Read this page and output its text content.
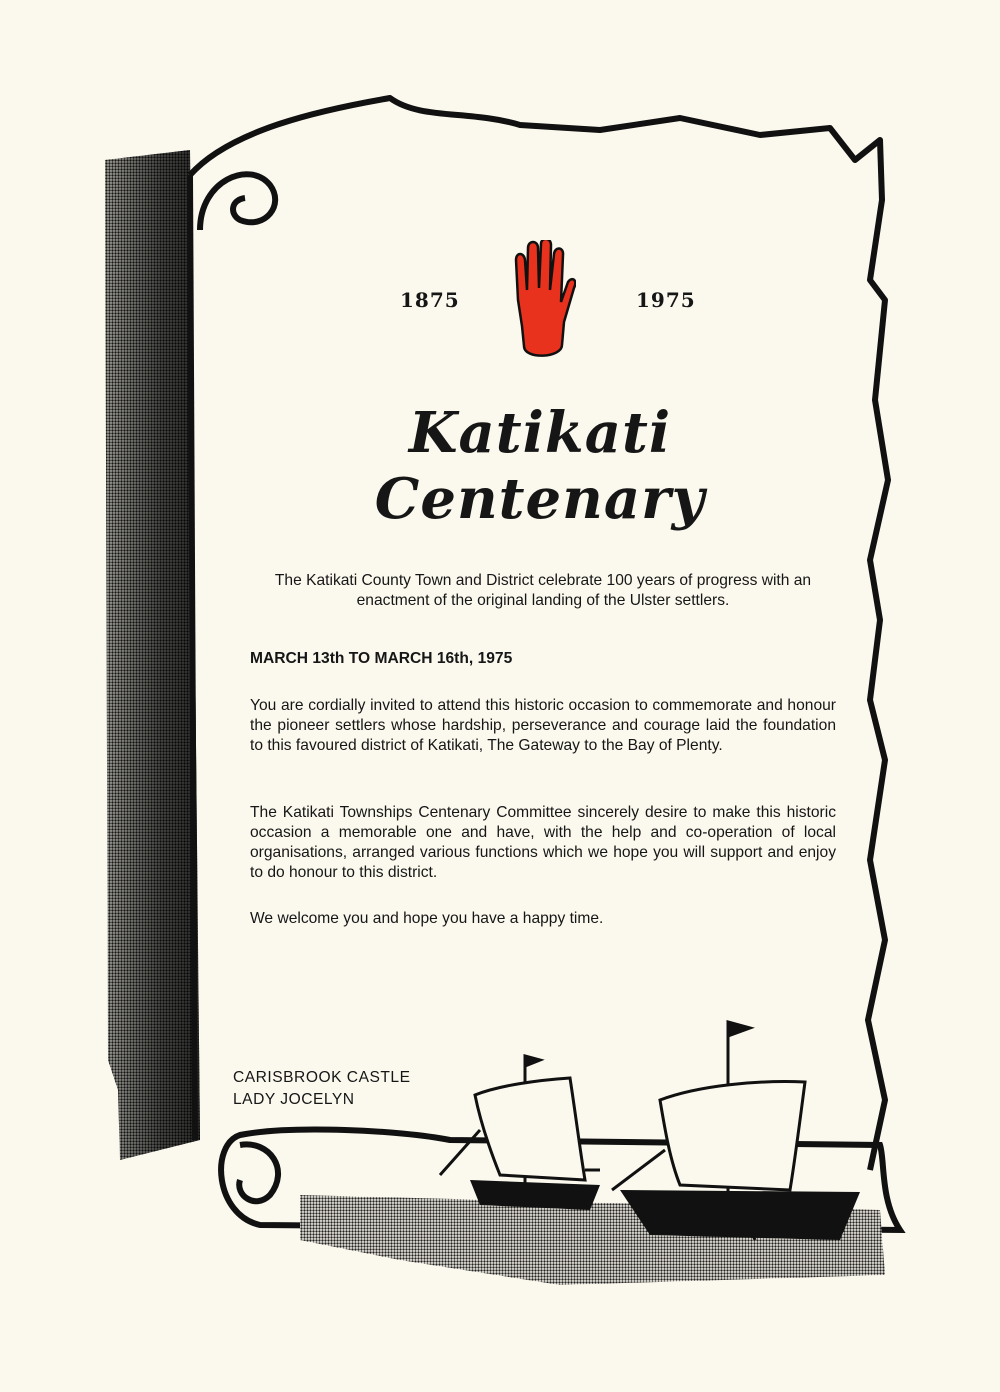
1875	1975
Katikati Centenary
The Katikati County Town and District celebrate 100 years of progress with an enactment of the original landing of the Ulster settlers.
MARCH 13th TO MARCH 16th, 1975
You are cordially invited to attend this historic occasion to commemorate and honour the pioneer settlers whose hardship, perseverance and courage laid the foundation to this favoured district of Katikati, The Gateway to the Bay of Plenty.
The Katikati Townships Centenary Committee sincerely desire to make this historic occasion a memorable one and have, with the help and co-operation of local organisations, arranged various functions which we hope you will support and enjoy to do honour to this district.
We welcome you and hope you have a happy time.
CARISBROOK CASTLE
LADY JOCELYN
